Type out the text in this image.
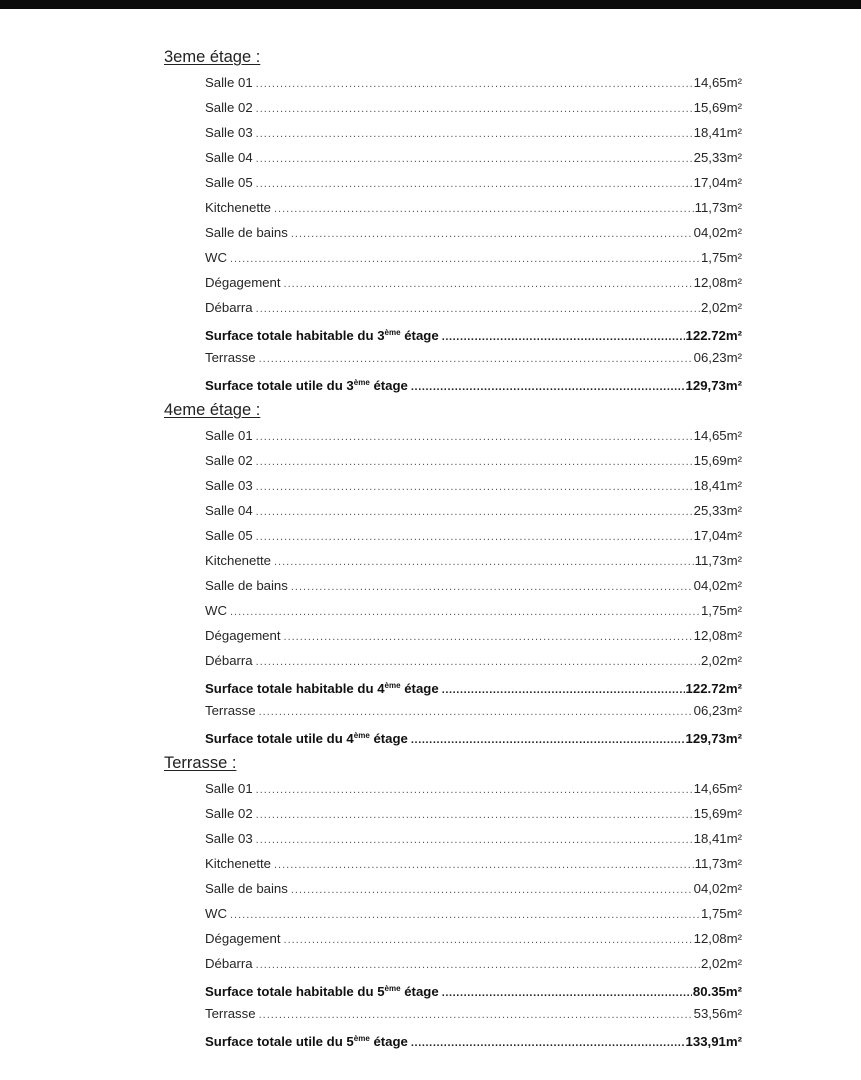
3eme étage :
Salle 01 .....	14,65m²
Salle 02 .....	15,69m²
Salle 03 .....	18,41m²
Salle 04 .....	25,33m²
Salle 05 .....	17,04m²
Kitchenette .....	11,73m²
Salle de bains .....	04,02m²
WC .....	1,75m²
Dégagement .....	12,08m²
Débarra .....	2,02m²
Surface totale habitable du 3ème étage .....	122.72m²
Terrasse .....	06,23m²
Surface totale utile du 3ème étage .....	129,73m²
4eme étage :
Salle 01 .....	14,65m²
Salle 02 .....	15,69m²
Salle 03 .....	18,41m²
Salle 04 .....	25,33m²
Salle 05 .....	17,04m²
Kitchenette .....	11,73m²
Salle de bains .....	04,02m²
WC .....	1,75m²
Dégagement .....	12,08m²
Débarra .....	2,02m²
Surface totale habitable du 4ème étage .....	122.72m²
Terrasse .....	06,23m²
Surface totale utile du 4ème étage .....	129,73m²
Terrasse :
Salle 01 .....	14,65m²
Salle 02 .....	15,69m²
Salle 03 .....	18,41m²
Kitchenette .....	11,73m²
Salle de bains .....	04,02m²
WC .....	1,75m²
Dégagement .....	12,08m²
Débarra .....	2,02m²
Surface totale habitable du 5ème étage .....	80.35m²
Terrasse .....	53,56m²
Surface totale utile du 5ème étage .....	133,91m²
